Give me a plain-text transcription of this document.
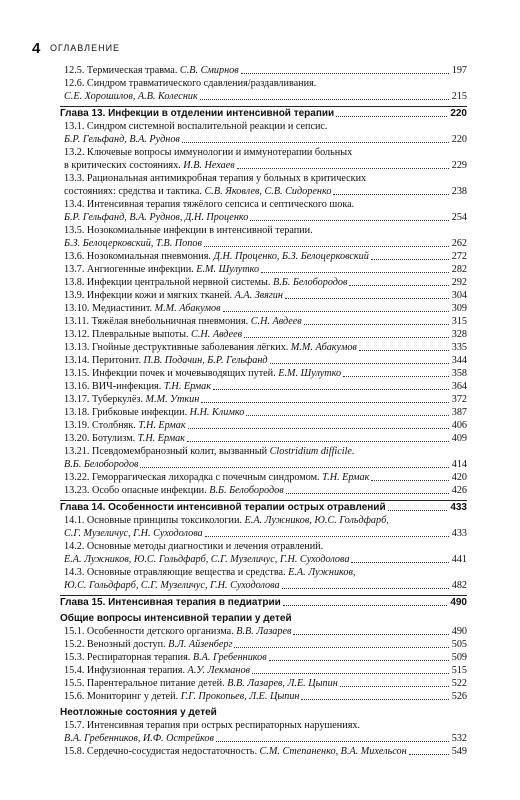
4 ОГЛАВЛЕНИЕ
12.5. Термическая травма. С.В. Смирнов	197
12.6. Синдром травматического сдавления/раздавливания.
С.Е. Хорошилов, А.В. Колесник	215
Глава 13. Инфекции в отделении интенсивной терапии	220
13.1. Синдром системной воспалительной реакции и сепсис.
Б.Р. Гельфанд, В.А. Руднов	220
13.2. Ключевые вопросы иммунологии и иммунотерапии больных
в критических состояниях. И.В. Нехаев	229
13.3. Рациональная антимикробная терапия у больных в критических
состояниях: средства и тактика. С.В. Яковлев, С.В. Сидоренко	238
13.4. Интенсивная терапия тяжёлого сепсиса и септического шока.
Б.Р. Гельфанд, В.А. Руднов, Д.Н. Проценко	254
13.5. Нозокомиальные инфекции в интенсивной терапии.
Б.З. Белоцерковский, Т.В. Попов	262
13.6. Нозокомиальная пневмония. Д.Н. Проценко, Б.З. Белоцерковский	272
13.7. Ангиогенные инфекции. Е.М. Шулутко	282
13.8. Инфекции центральной нервной системы. В.Б. Белобородов	292
13.9. Инфекции кожи и мягких тканей. А.А. Звягин	304
13.10. Медиастинит. М.М. Абакумов	309
13.11. Тяжёлая внебольничная пневмония. С.Н. Авдеев	315
13.12. Плевральные выпоты. С.Н. Авдеев	328
13.13. Гнойные деструктивные заболевания лёгких. М.М. Абакумов	335
13.14. Перитонит. П.В. Подачин, Б.Р. Гельфанд	344
13.15. Инфекции почек и мочевыводящих путей. Е.М. Шулутко	358
13.16. ВИЧ-инфекция. Т.Н. Ермак	364
13.17. Туберкулёз. М.М. Уткин	372
13.18. Грибковые инфекции. Н.Н. Климко	387
13.19. Столбняк. Т.Н. Ермак	406
13.20. Ботулизм. Т.Н. Ермак	409
13.21. Псевдомембранозный колит, вызванный Clostridium difficile.
В.Б. Белобородов	414
13.22. Геморрагическая лихорадка с почечным синдромом. Т.Н. Ермак	420
13.23. Особо опасные инфекции. В.Б. Белобородов	426
Глава 14. Особенности интенсивной терапии острых отравлений	433
14.1. Основные принципы токсикологии. Е.А. Лужников, Ю.С. Гольдфарб,
С.Г. Музеличус, Г.Н. Суходолова	433
14.2. Основные методы диагностики и лечения отравлений.
Е.А. Лужников, Ю.С. Гольдфарб, С.Г. Музеличус, Г.Н. Суходолова	441
14.3. Основные отравляющие вещества и средства. Е.А. Лужников,
Ю.С. Гольдфарб, С.Г. Музеличус, Г.Н. Суходолова	482
Глава 15. Интенсивная терапия в педиатрии	490
Общие вопросы интенсивной терапии у детей
15.1. Особенности детского организма. В.В. Лазарев	490
15.2. Венозный доступ. В.Л. Айзенберг	505
15.3. Респираторная терапия. В.А. Гребенников	509
15.4. Инфузионная терапия. А.У. Лекманов	515
15.5. Парентеральное питание детей. В.В. Лазарев, Л.Е. Цыпин	522
15.6. Мониторинг у детей. Г.Г. Прокопьев, Л.Е. Цыпин	526
Неотложные состояния у детей
15.7. Интенсивная терапия при острых респираторных нарушениях.
В.А. Гребенников, И.Ф. Острейков	532
15.8. Сердечно-сосудистая недостаточность. С.М. Степаненко, В.А. Михельсон	549
